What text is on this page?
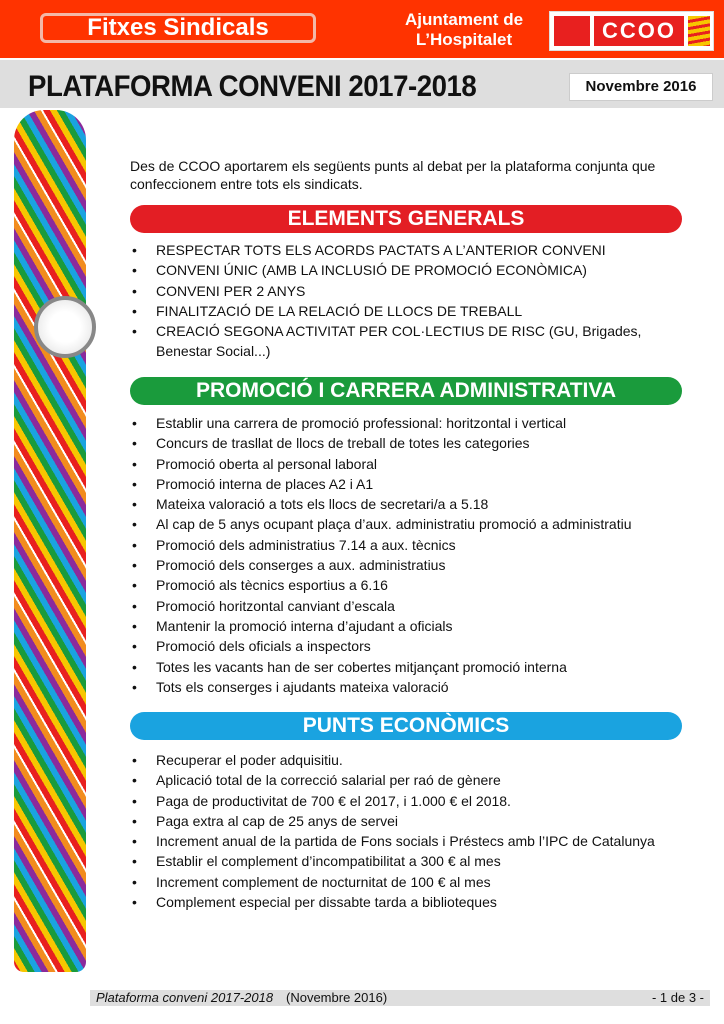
Fitxes Sindicals	Ajuntament de
L’Hospitalet	CCOO
PLATAFORMA CONVENI 2017-2018	Novembre 2016
Des de CCOO aportarem els següents punts al debat per la plataforma conjunta que confeccionem entre tots els sindicats.
ELEMENTS GENERALS
• RESPECTAR TOTS ELS ACORDS PACTATS A L’ANTERIOR CONVENI
• CONVENI ÚNIC (AMB LA INCLUSIÓ DE PROMOCIÓ ECONÒMICA)
• CONVENI PER 2 ANYS
• FINALITZACIÓ DE LA RELACIÓ DE LLOCS DE TREBALL
• CREACIÓ SEGONA ACTIVITAT PER COL·LECTIUS DE RISC (GU, Brigades, Benestar Social...)
PROMOCIÓ I CARRERA ADMINISTRATIVA
• Establir una carrera de promoció professional: horitzontal i vertical
• Concurs de trasllat de llocs de treball de totes les categories
• Promoció oberta al personal laboral
• Promoció interna de places A2 i A1
• Mateixa valoració a tots els llocs de secretari/a a 5.18
• Al cap de 5 anys ocupant plaça d’aux. administratiu promoció a administratiu
• Promoció dels administratius 7.14 a aux. tècnics
• Promoció dels conserges a aux. administratius
• Promoció als tècnics esportius a 6.16
• Promoció horitzontal canviant d’escala
• Mantenir la promoció interna d’ajudant a oficials
• Promoció dels oficials a inspectors
• Totes les vacants han de ser cobertes mitjançant promoció interna
• Tots els conserges i ajudants mateixa valoració
PUNTS ECONÒMICS
• Recuperar el poder adquisitiu.
• Aplicació total de la correcció salarial per raó de gènere
• Paga de productivitat de 700 € el 2017, i 1.000 € el 2018.
• Paga extra al cap de 25 anys de servei
• Increment anual de la partida de Fons socials i Préstecs amb l’IPC de Catalunya
• Establir el complement d’incompatibilitat a 300 € al mes
• Increment complement de nocturnitat de 100 € al mes
• Complement especial per dissabte tarda a biblioteques
Plataforma conveni 2017-2018 (Novembre 2016)	- 1 de 3 -
